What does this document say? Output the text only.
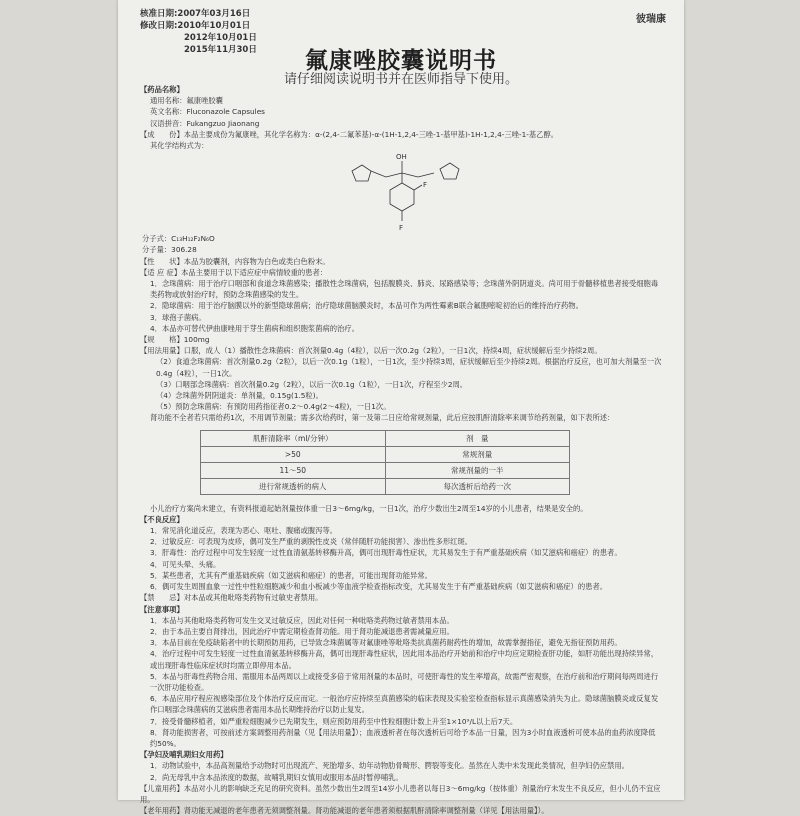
核准日期:2007年03月16日
修改日期:2010年10月01日
2012年10月01日
2015年11月30日
彼瑞康
氟康唑胶囊说明书
请仔细阅读说明书并在医师指导下使用。

【药品名称】

通用名称：氟康唑胶囊

英文名称：Fluconazole Capsules

汉语拼音：Fukangzuo Jiaonang

【成　　份】本品主要成份为氟康唑，其化学名称为：α-(2,4-二氟苯基)-α-(1H-1,2,4-三唑-1-基甲基)-1H-1,2,4-三唑-1-基乙醇。

其化学结构式为：

OH
F
F

分子式：C₁₃H₁₂F₂N₆O

分子量：306.28

【性　　状】本品为胶囊剂，内容物为白色或类白色粉末。

【适 应 症】本品主要用于以下适应症中病情较重的患者：

1．念珠菌病：用于治疗口咽部和食道念珠菌感染；播散性念珠菌病，包括腹膜炎、肺炎、尿路感染等；念珠菌外阴阴道炎。尚可用于骨髓移植患者接受细胞毒类药物或放射治疗时，预防念珠菌感染的发生。

2．隐球菌病：用于治疗脑膜以外的新型隐球菌病；治疗隐球菌脑膜炎时，本品可作为两性霉素B联合氟胞嘧啶初治后的维持治疗药物。

3．球孢子菌病。

4．本品亦可替代伊曲康唑用于芽生菌病和组织胞浆菌病的治疗。

【规　　格】100mg

【用法用量】口服，成人（1）播散性念珠菌病：首次剂量0.4g（4粒），以后一次0.2g（2粒），一日1次，持续4周，症状缓解后至少持续2周。

（2）食道念珠菌病：首次剂量0.2g（2粒），以后一次0.1g（1粒），一日1次，至少持续3周，症状缓解后至少持续2周。根据治疗反应，也可加大剂量至一次0.4g（4粒），一日1次。

（3）口咽部念珠菌病：首次剂量0.2g（2粒），以后一次0.1g（1粒），一日1次，疗程至少2周。

（4）念珠菌外阴阴道炎：单剂量，0.15g(1.5粒)。

（5）预防念珠菌病：有预防用药指征者0.2～0.4g(2～4粒)，一日1次。

肾功能不全者若只需给药1次，不用调节剂量；需多次给药时，第一及第二日应给常规剂量，此后应按肌酐清除率来调节给药剂量，如下表所述：

肌酐清除率（ml/分钟）	剂　量
>50	常规剂量
11～50	常规剂量的一半
进行常规透析的病人	每次透析后给药一次

小儿治疗方案尚未建立，有资料报道起始剂量按体重一日3～6mg/kg，一日1次，治疗少数出生2周至14岁的小儿患者，结果是安全的。

【不良反应】

1．常见消化道反应，表现为恶心、呕吐、腹痛或腹泻等。

2．过敏反应：可表现为皮疹，偶可发生严重的剥脱性皮炎（常伴随肝功能损害）、渗出性多形红斑。

3．肝毒性：治疗过程中可发生轻度一过性血清氨基转移酶升高，偶可出现肝毒性症状，尤其易发生于有严重基础疾病（如艾滋病和癌症）的患者。

4．可见头晕、头痛。

5．某些患者，尤其有严重基础疾病（如艾滋病和癌症）的患者，可能出现肾功能异常。

6．偶可发生周围血象一过性中性粒细胞减少和血小板减少等血液学检查指标改变，尤其易发生于有严重基础疾病（如艾滋病和癌症）的患者。

【禁　　忌】对本品或其他吡咯类药物有过敏史者禁用。

【注意事项】

1．本品与其他吡咯类药物可发生交叉过敏反应，因此对任何一种吡咯类药物过敏者禁用本品。

2．由于本品主要自肾排出，因此治疗中需定期检查肾功能。用于肾功能减退患者需减量应用。

3．本品目前在免疫缺陷者中的长期预防用药，已导致念珠菌属等对氟康唑等吡咯类抗真菌药耐药性的增加，故需掌握指征，避免无指征预防用药。

4．治疗过程中可发生轻度一过性血清氨基转移酶升高，偶可出现肝毒性症状，因此用本品治疗开始前和治疗中均应定期检查肝功能，如肝功能出现持续异常，或出现肝毒性临床症状时均需立即停用本品。

5．本品与肝毒性药物合用、需服用本品两周以上或接受多倍于常用剂量的本品时，可使肝毒性的发生率增高，故需严密观察，在治疗前和治疗期间每两周进行一次肝功能检查。

6．本品应用疗程应视感染部位及个体治疗反应而定。一般治疗应持续至真菌感染的临床表现及实验室检查指标显示真菌感染消失为止。隐球菌脑膜炎或反复发作口咽部念珠菌病的艾滋病患者需用本品长期维持治疗以防止复发。

7．接受骨髓移植者，如严重粒细胞减少已先期发生，则应预防用药至中性粒细胞计数上升至1×10⁹/L以上后7天。

8．肾功能损害者，可按前述方案调整用药剂量（见【用法用量】）；血液透析者在每次透析后可给予本品一日量，因为3小时血液透析可使本品的血药浓度降低约50%。

【孕妇及哺乳期妇女用药】

1．动物试验中，本品高剂量给予动物时可出现流产、死胎增多、幼年动物肋骨畸形、腭裂等变化。虽然在人类中未发现此类情况，但孕妇仍应禁用。

2．尚无母乳中含本品浓度的数据，故哺乳期妇女慎用或服用本品时暂停哺乳。

【儿童用药】本品对小儿的影响缺乏充足的研究资料。虽然少数出生2周至14岁小儿患者以每日3～6mg/kg（按体重）剂量治疗未发生不良反应，但小儿仍不宜应用。

【老年用药】肾功能无减退的老年患者无须调整剂量。肾功能减退的老年患者须根据肌酐清除率调整剂量（详见【用法用量】）。
